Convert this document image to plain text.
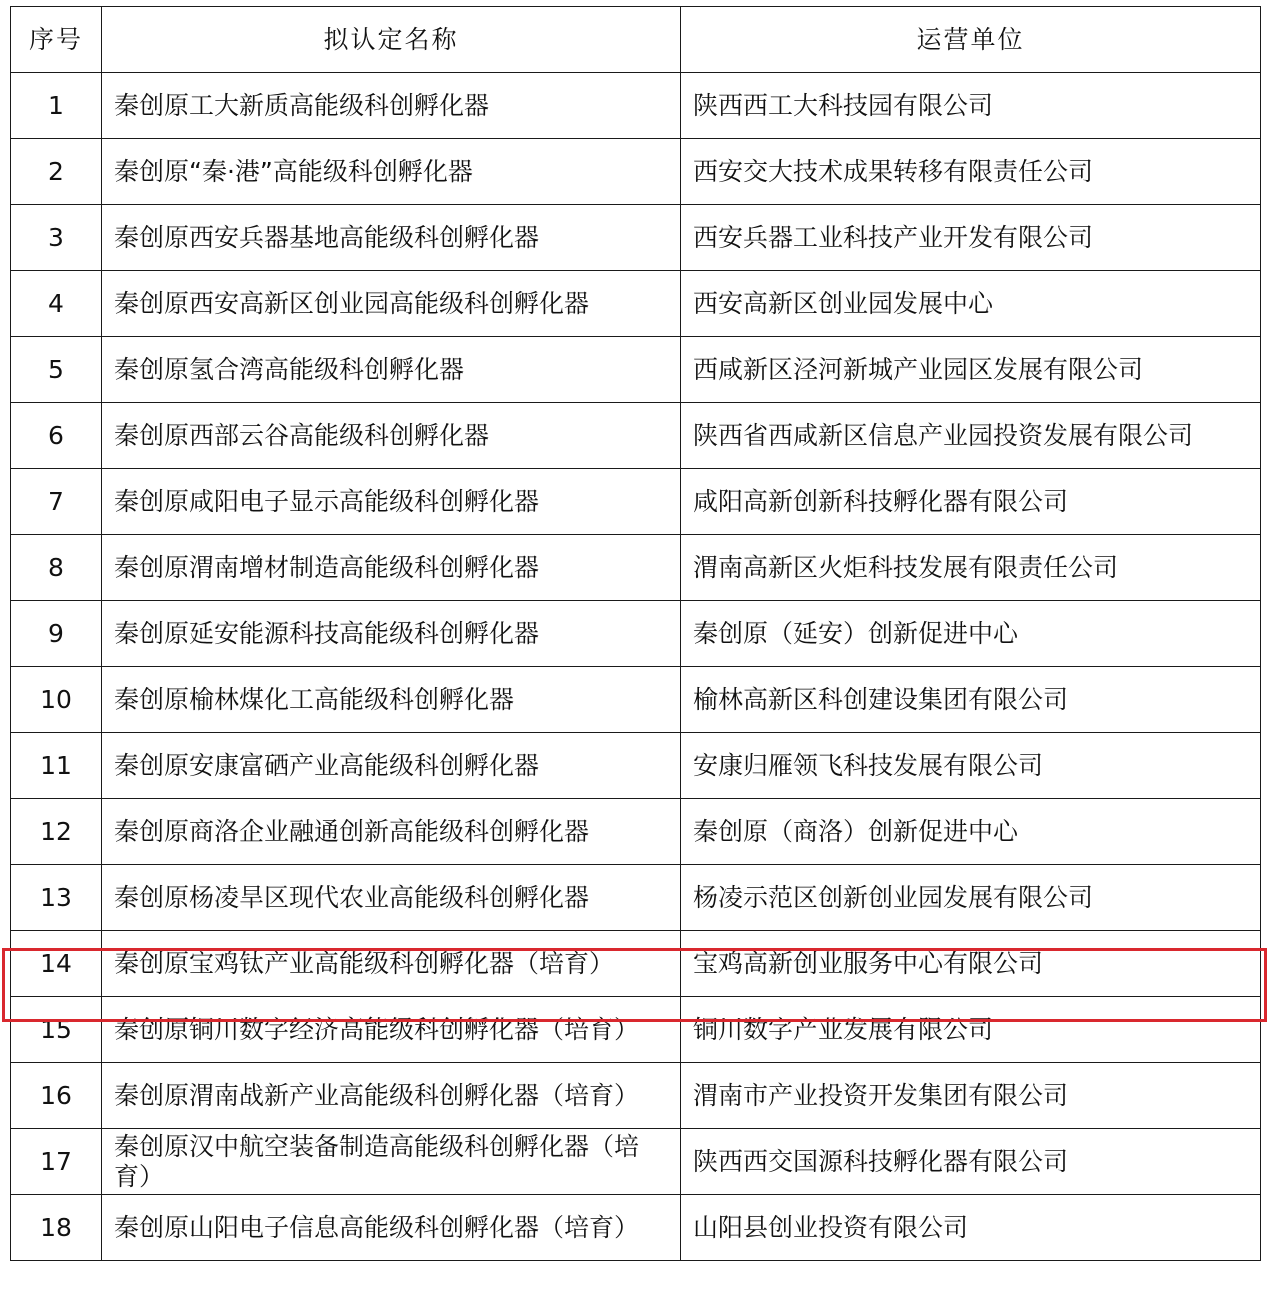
序号	拟认定名称	运营单位
1	秦创原工大新质高能级科创孵化器	陕西西工大科技园有限公司
2	秦创原“秦·港”高能级科创孵化器	西安交大技术成果转移有限责任公司
3	秦创原西安兵器基地高能级科创孵化器	西安兵器工业科技产业开发有限公司
4	秦创原西安高新区创业园高能级科创孵化器	西安高新区创业园发展中心
5	秦创原氢合湾高能级科创孵化器	西咸新区泾河新城产业园区发展有限公司
6	秦创原西部云谷高能级科创孵化器	陕西省西咸新区信息产业园投资发展有限公司
7	秦创原咸阳电子显示高能级科创孵化器	咸阳高新创新科技孵化器有限公司
8	秦创原渭南增材制造高能级科创孵化器	渭南高新区火炬科技发展有限责任公司
9	秦创原延安能源科技高能级科创孵化器	秦创原（延安）创新促进中心
10	秦创原榆林煤化工高能级科创孵化器	榆林高新区科创建设集团有限公司
11	秦创原安康富硒产业高能级科创孵化器	安康归雁领飞科技发展有限公司
12	秦创原商洛企业融通创新高能级科创孵化器	秦创原（商洛）创新促进中心
13	秦创原杨凌旱区现代农业高能级科创孵化器	杨凌示范区创新创业园发展有限公司
14	秦创原宝鸡钛产业高能级科创孵化器（培育）	宝鸡高新创业服务中心有限公司
15	秦创原铜川数字经济高能级科创孵化器（培育）	铜川数字产业发展有限公司
16	秦创原渭南战新产业高能级科创孵化器（培育）	渭南市产业投资开发集团有限公司
17	秦创原汉中航空装备制造高能级科创孵化器（培育）	陕西西交国源科技孵化器有限公司
18	秦创原山阳电子信息高能级科创孵化器（培育）	山阳县创业投资有限公司
